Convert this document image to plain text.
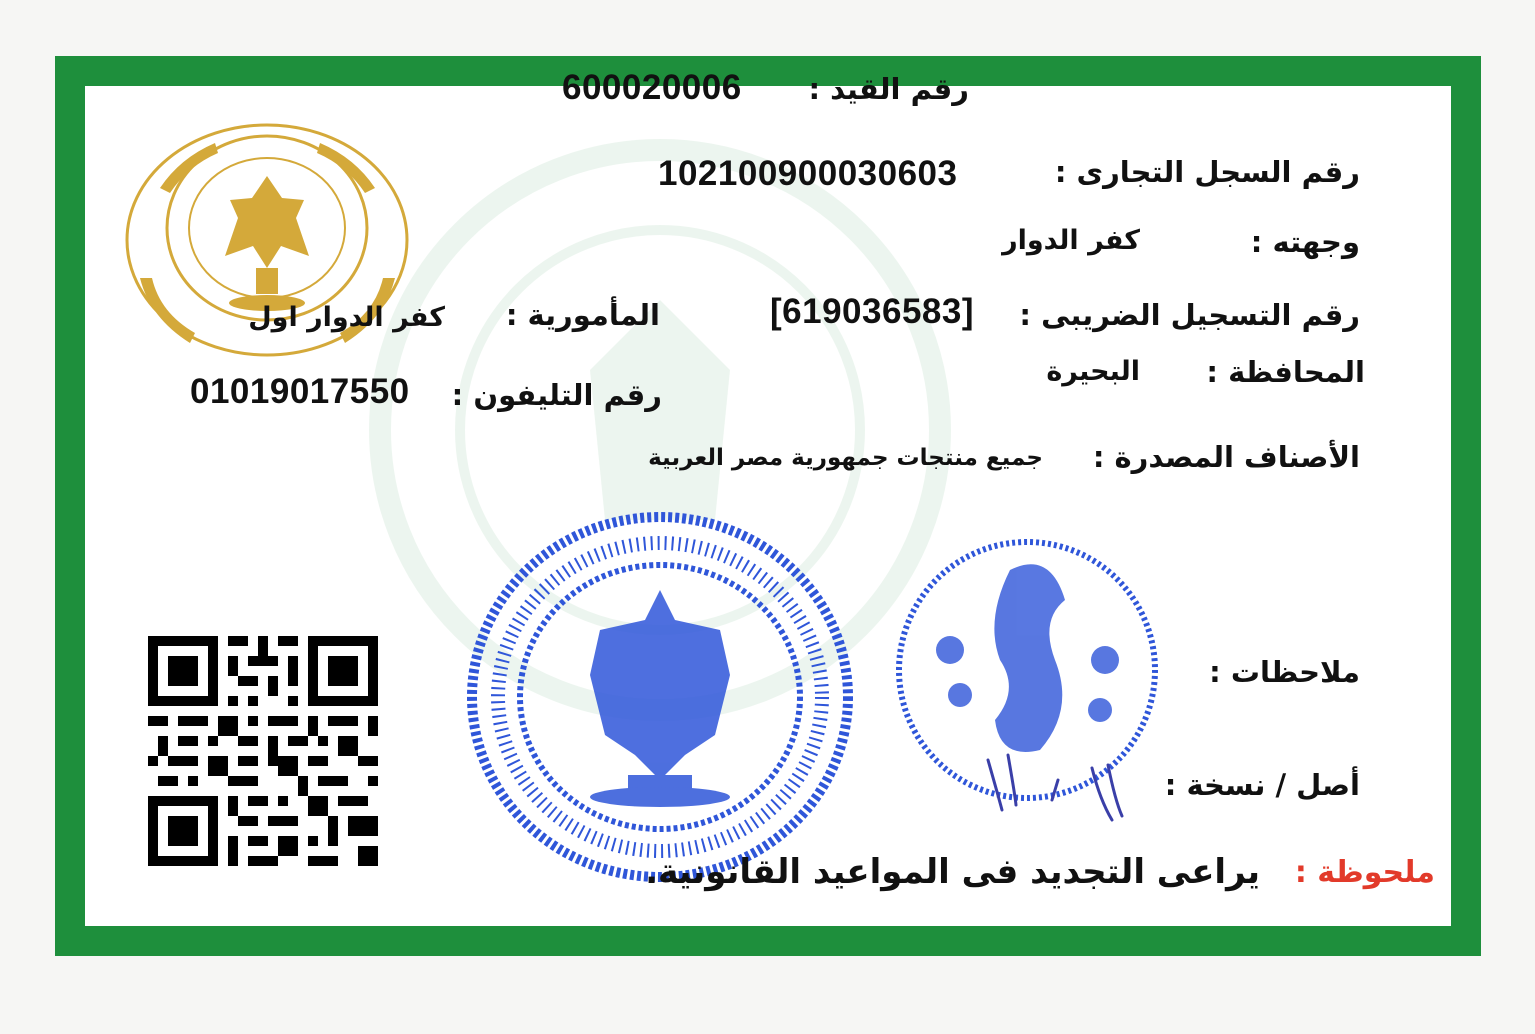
رقم القيد :
600020006
رقم السجل التجارى :
102100900030603
وجهته :
كفر الدوار
رقم التسجيل الضريبى :
[619036583]
المأمورية :
كفر الدوار اول
المحافظة :
البحيرة
رقم التليفون :
01019017550
الأصناف المصدرة :
جميع منتجات جمهورية مصر العربية
ملاحظات :
أصل / نسخة :
ملحوظة :
يراعى التجديد فى المواعيد القانونية.
